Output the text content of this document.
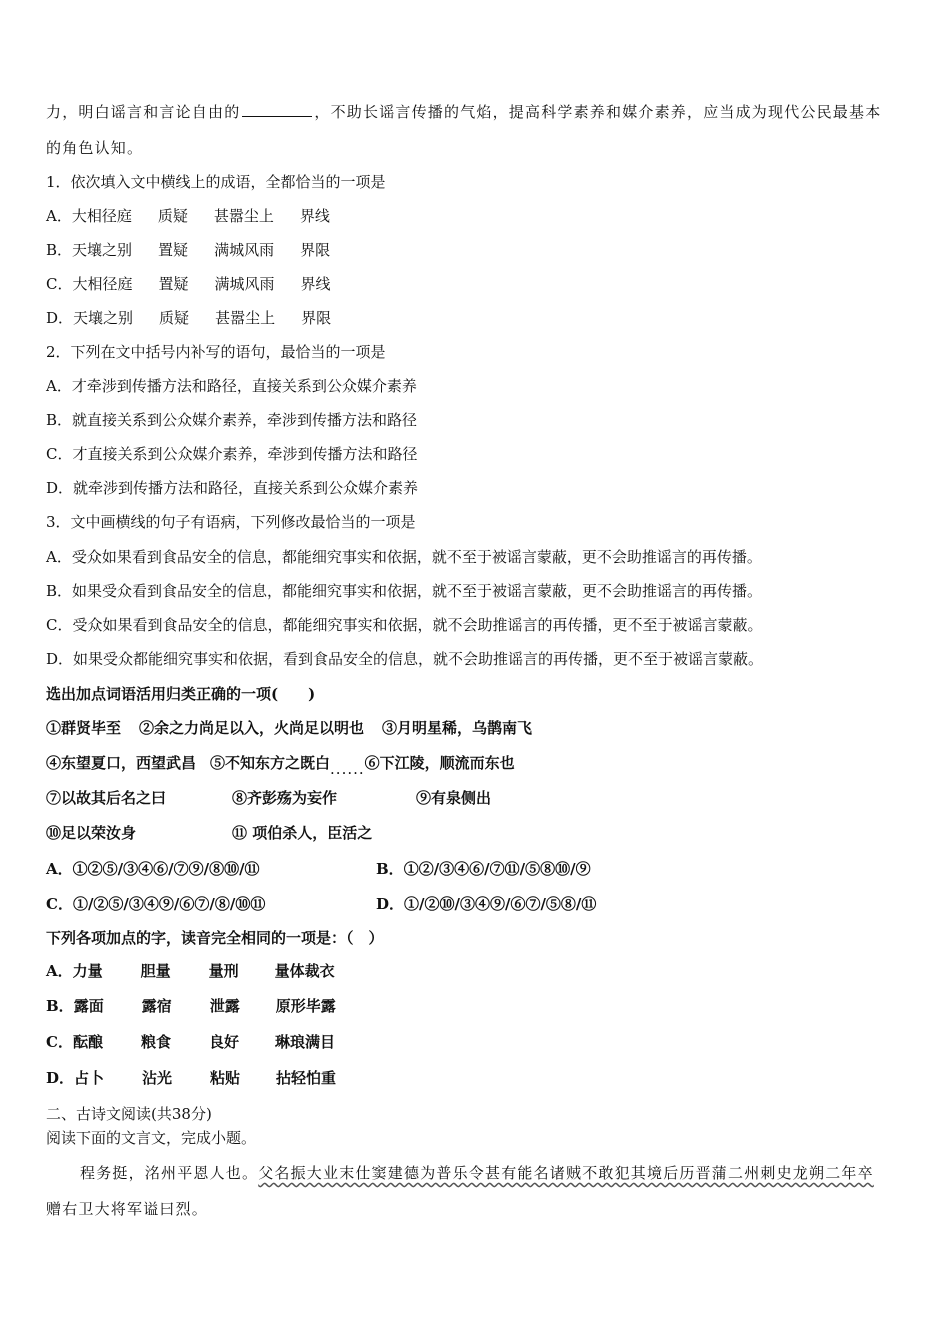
力，明白谣言和言论自由的	，不助长谣言传播的气焰，提高科学素养和媒介素养，应当成为现代公民最基本
的角色认知。
1．依次填入文中横线上的成语，全都恰当的一项是
A．大相径庭 质疑 甚嚣尘上 界线
B．天壤之别 置疑 满城风雨 界限
C．大相径庭 置疑 满城风雨 界线
D．天壤之别 质疑 甚嚣尘上 界限
2．下列在文中括号内补写的语句，最恰当的一项是
A．才牵涉到传播方法和路径，直接关系到公众媒介素养
B．就直接关系到公众媒介素养，牵涉到传播方法和路径
C．才直接关系到公众媒介素养，牵涉到传播方法和路径
D．就牵涉到传播方法和路径，直接关系到公众媒介素养
3．文中画横线的句子有语病，下列修改最恰当的一项是
A．受众如果看到食品安全的信息，都能细究事实和依据，就不至于被谣言蒙蔽，更不会助推谣言的再传播。
B．如果受众看到食品安全的信息，都能细究事实和依据，就不至于被谣言蒙蔽，更不会助推谣言的再传播。
C．受众如果看到食品安全的信息，都能细究事实和依据，就不会助推谣言的再传播，更不至于被谣言蒙蔽。
D．如果受众都能细究事实和依据，看到食品安全的信息，就不会助推谣言的再传播，更不至于被谣言蒙蔽。
选出加点词语活用归类正确的一项(　　)
①群贤毕至 ②余之力尚足以入，火尚足以明也 ③月明星稀，乌鹊南飞
④东望夏口，西望武昌 ⑤不知东方之既白......⑥下江陵，顺流而东也
⑦以故其后名之曰	⑧齐彭殇为妄作	⑨有泉侧出
⑩足以荣汝身	⑪ 项伯杀人，臣活之
A．①②⑤/③④⑥/⑦⑨/⑧⑩/⑪	B．①②/③④⑥/⑦⑪/⑤⑧⑩/⑨
C．①/②⑤/③④⑨/⑥⑦/⑧/⑩⑪	D．①/②⑩/③④⑨/⑥⑦/⑤⑧/⑪
下列各项加点的字，读音完全相同的一项是：（　）
A．力量	胆量	量刑 量体裁衣
B．露面	露宿	泄露 原形毕露
C．酝酿	粮食	良好 琳琅满目
D．占卜	沾光	粘贴 拈轻怕重
二、古诗文阅读(共38分)
阅读下面的文言文，完成小题。
程务挺，洺州平恩人也。父名振大业末仕窦建德为普乐令甚有能名诸贼不敢犯其境后历晋蒲二州刺史龙朔二年卒
赠右卫大将军谥曰烈。
